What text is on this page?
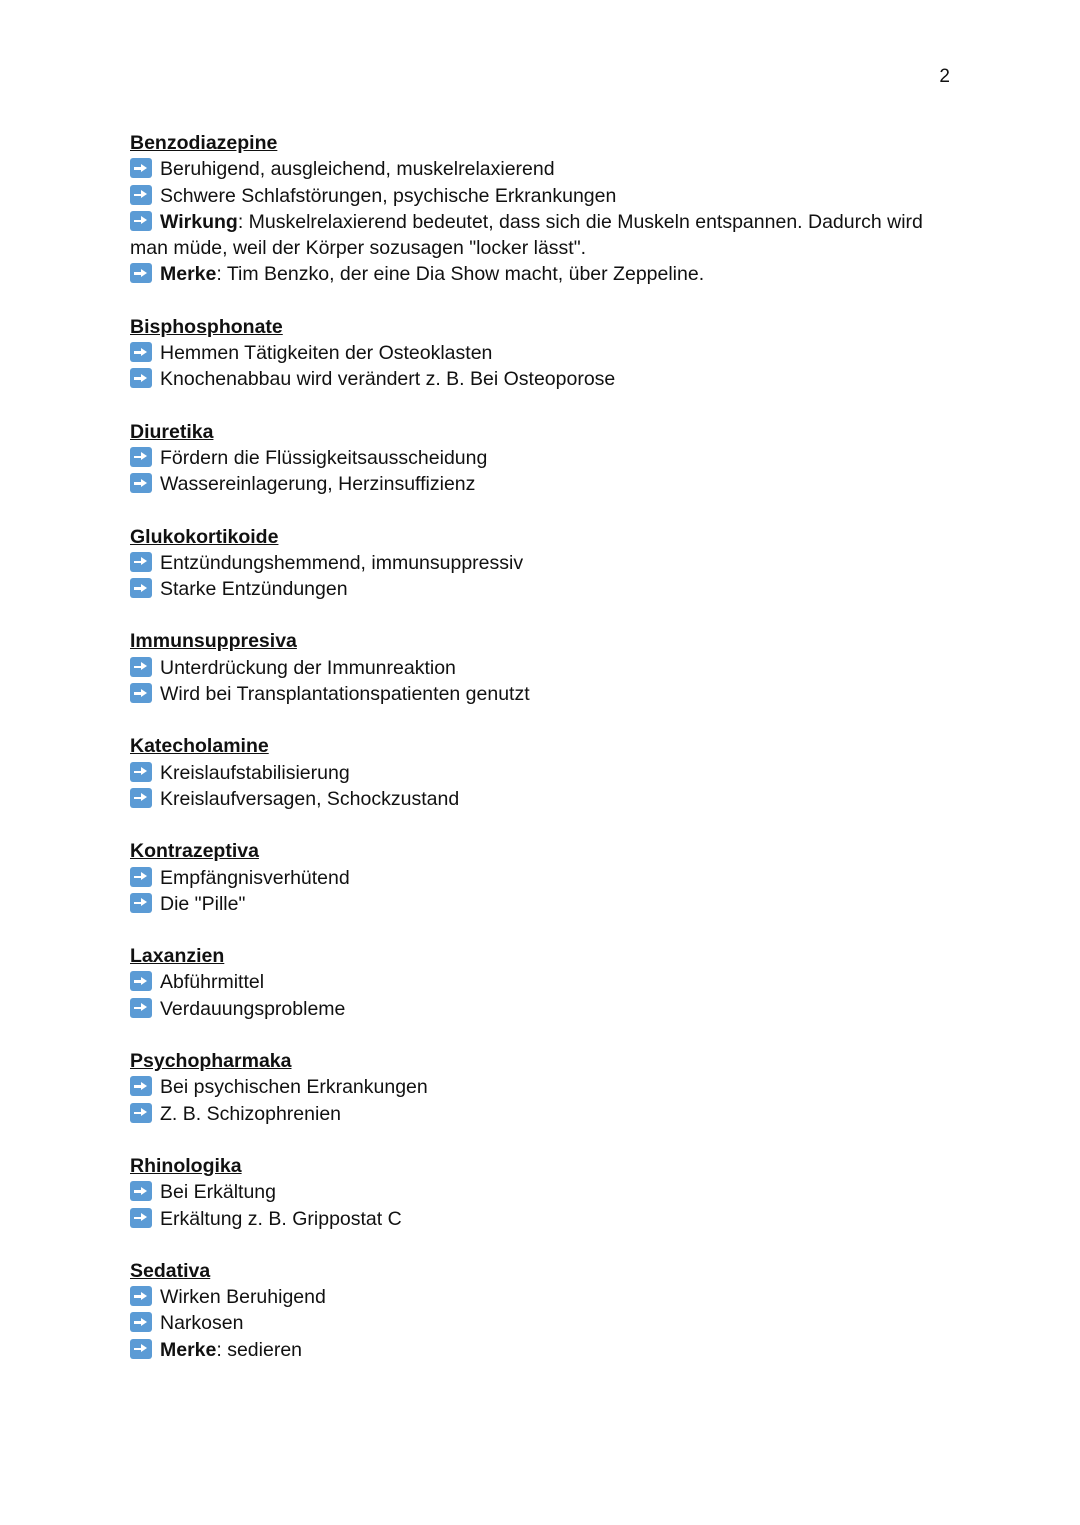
2
Benzodiazepine
Beruhigend, ausgleichend, muskelrelaxierend
Schwere Schlafstörungen, psychische Erkrankungen
Wirkung: Muskelrelaxierend bedeutet, dass sich die Muskeln entspannen. Dadurch wird man müde, weil der Körper sozusagen "locker lässt".
Merke: Tim Benzko, der eine Dia Show macht, über Zeppeline.
Bisphosphonate
Hemmen Tätigkeiten der Osteoklasten
Knochenabbau wird verändert z. B. Bei Osteoporose
Diuretika
Fördern die Flüssigkeitsausscheidung
Wassereinlagerung, Herzinsuffizienz
Glukokortikoide
Entzündungshemmend, immunsuppressiv
Starke Entzündungen
Immunsuppresiva
Unterdrückung der Immunreaktion
Wird bei Transplantationspatienten genutzt
Katecholamine
Kreislaufstabilisierung
Kreislaufversagen, Schockzustand
Kontrazeptiva
Empfängnisverhütend
Die "Pille"
Laxanzien
Abführmittel
Verdauungsprobleme
Psychopharmaka
Bei psychischen Erkrankungen
Z. B. Schizophrenien
Rhinologika
Bei Erkältung
Erkältung z. B. Grippostat C
Sedativa
Wirken Beruhigend
Narkosen
Merke: sedieren
